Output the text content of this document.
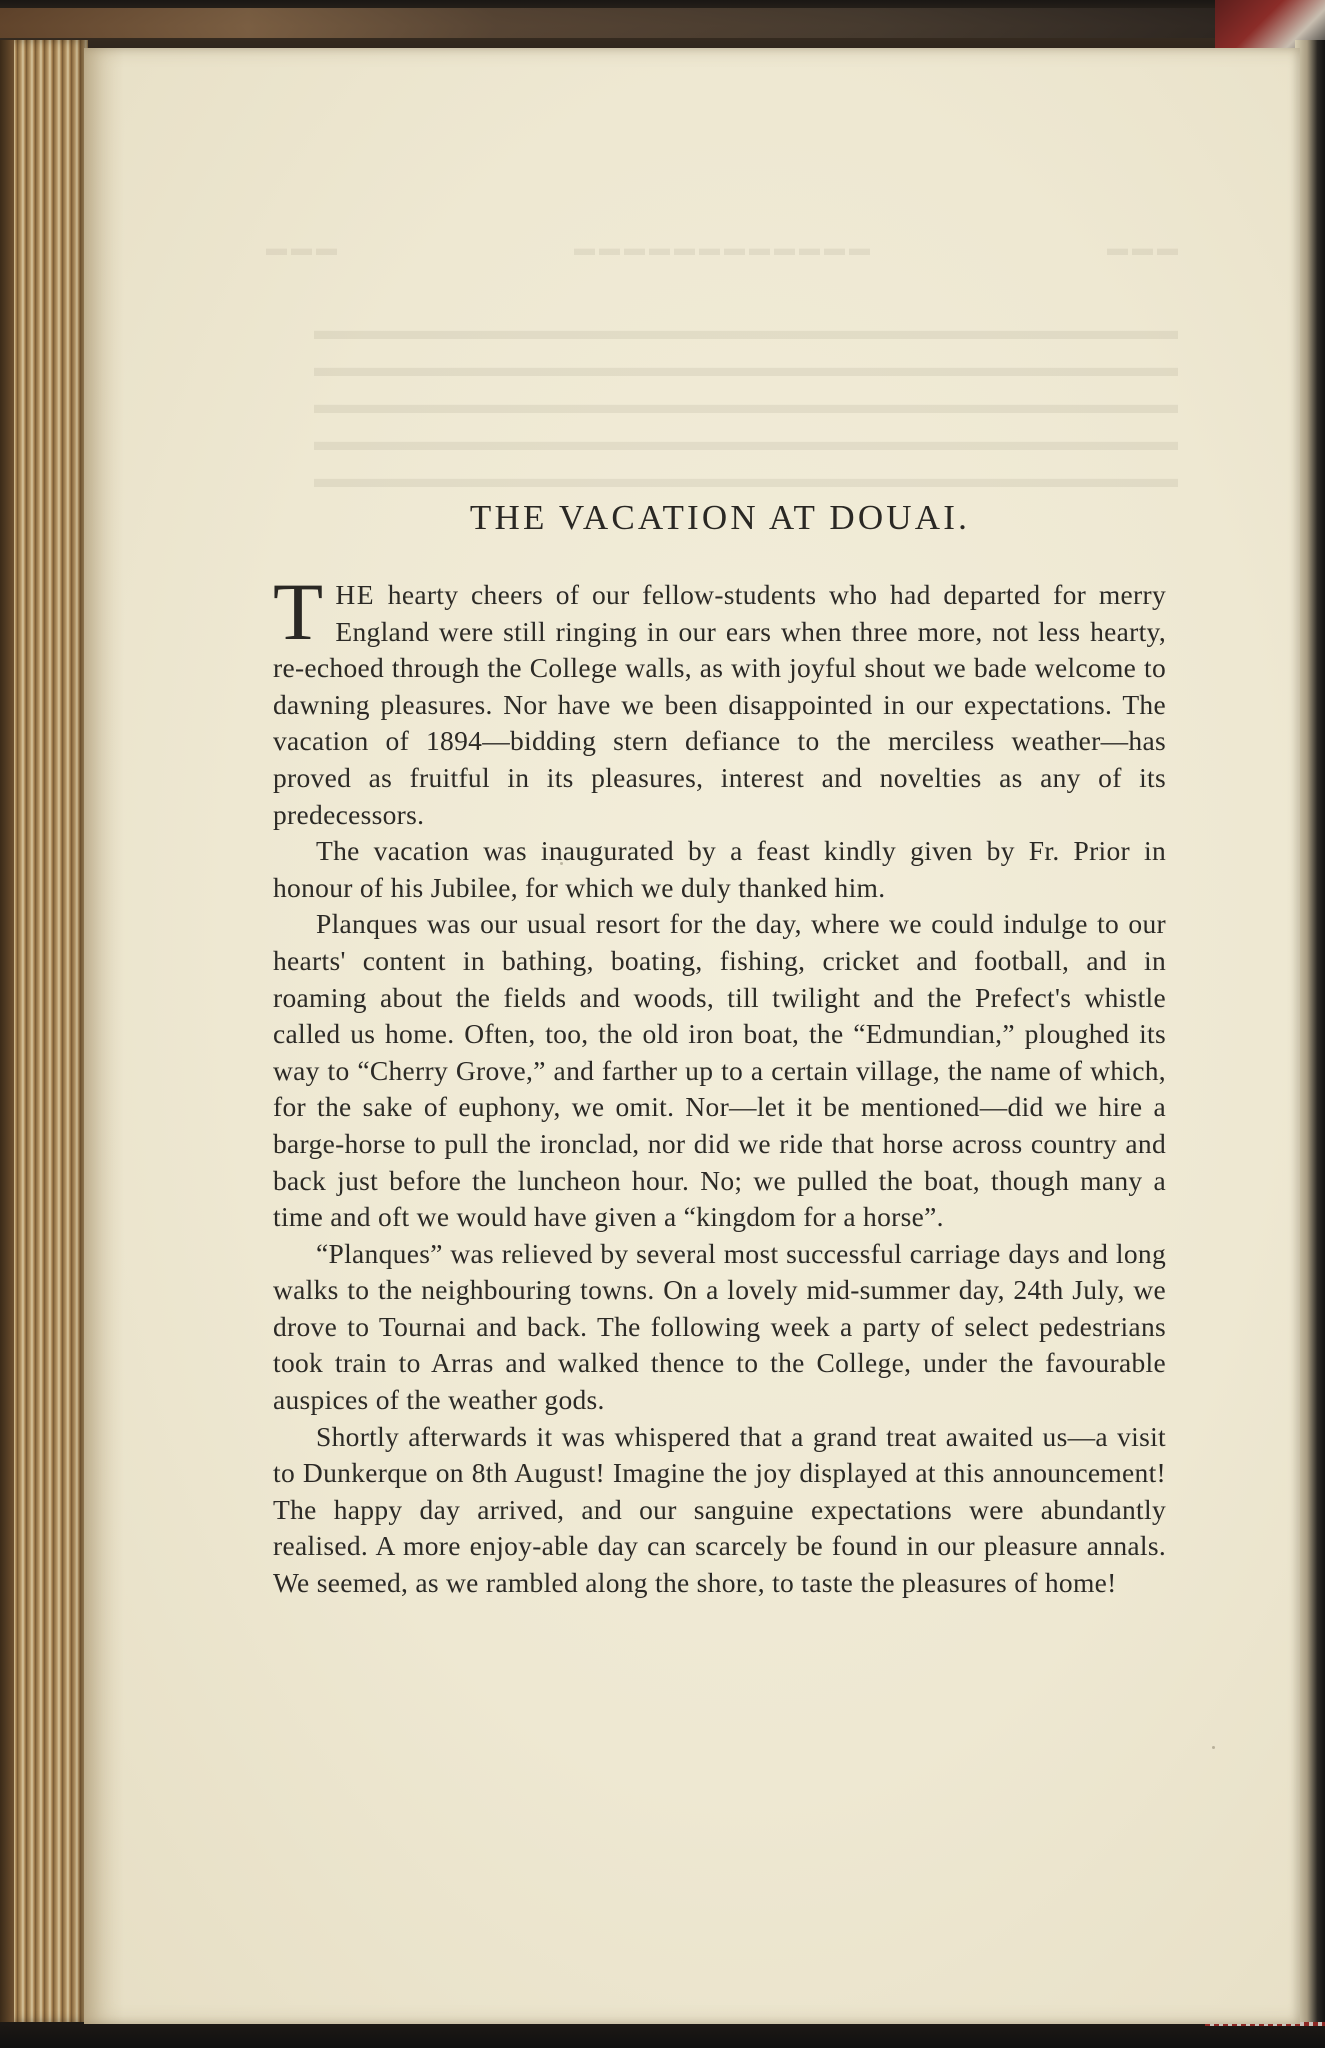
THE VACATION AT DOUAI.

THE hearty cheers of our fellow-students who had departed for merry England were still ringing in our ears when three more, not less hearty, re-echoed through the College walls, as with joyful shout we bade welcome to dawning pleasures. Nor have we been disappointed in our expectations. The vacation of 1894—bidding stern defiance to the merciless weather—has proved as fruitful in its pleasures, interest and novelties as any of its predecessors.

The vacation was inaugurated by a feast kindly given by Fr. Prior in honour of his Jubilee, for which we duly thanked him.

Planques was our usual resort for the day, where we could indulge to our hearts' content in bathing, boating, fishing, cricket and football, and in roaming about the fields and woods, till twilight and the Prefect's whistle called us home. Often, too, the old iron boat, the “Edmundian,” ploughed its way to “Cherry Grove,” and farther up to a certain village, the name of which, for the sake of euphony, we omit. Nor—let it be mentioned—did we hire a barge-horse to pull the ironclad, nor did we ride that horse across country and back just before the luncheon hour. No; we pulled the boat, though many a time and oft we would have given a “kingdom for a horse”.

“Planques” was relieved by several most successful carriage days and long walks to the neighbouring towns. On a lovely mid-summer day, 24th July, we drove to Tournai and back. The following week a party of select pedestrians took train to Arras and walked thence to the College, under the favourable auspices of the weather gods.

Shortly afterwards it was whispered that a grand treat awaited us—a visit to Dunkerque on 8th August! Imagine the joy displayed at this announcement! The happy day arrived, and our sanguine expectations were abundantly realised. A more enjoy-able day can scarcely be found in our pleasure annals. We seemed, as we rambled along the shore, to taste the pleasures of home!
